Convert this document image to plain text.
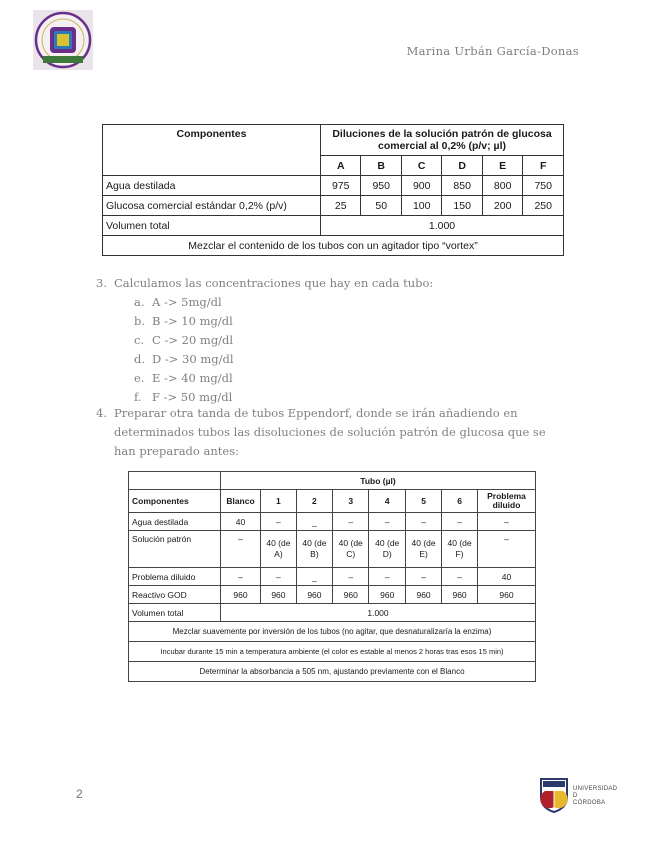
Marina Urbán García-Donas
Componentes	Diluciones de la solución patrón de glucosa comercial al 0,2% (p/v; µl)					
	A	B	C	D	E	F
Agua destilada	975	950	900	850	800	750
Glucosa comercial estándar 0,2% (p/v)	25	50	100	150	200	250
Volumen total	1.000					
Mezclar el contenido de los tubos con un agitador tipo “vortex”						
3. Calculamos las concentraciones que hay en cada tubo:
a. A -> 5mg/dl
b. B -> 10 mg/dl
c. C -> 20 mg/dl
d. D -> 30 mg/dl
e. E -> 40 mg/dl
f. F -> 50 mg/dl
4. Preparar otra tanda de tubos Eppendorf, donde se irán añadiendo en determinados tubos las disoluciones de solución patrón de glucosa que se han preparado antes:
	Tubo (µl)							
Componentes	Blanco	1	2	3	4	5	6	Problema diluido
Agua destilada	40	–	_	–	–	–	–	–
Solución patrón	–	40 (de A)	40 (de B)	40 (de C)	40 (de D)	40 (de E)	40 (de F)	–
Problema diluido	–	–	_	–	–	–	–	40
Reactivo GOD	960	960	960	960	960	960	960	960
Volumen total	1.000							
Mezclar suavemente por inversión de los tubos (no agitar, que desnaturalizaría la enzima)								
Incubar durante 15 min a temperatura ambiente (el color es estable al menos 2 horas tras esos 15 min)								
Determinar la absorbancia a 505 nm, ajustando previamente con el Blanco								
2	UNIVERSIDAD
D
CÓRDOBA
